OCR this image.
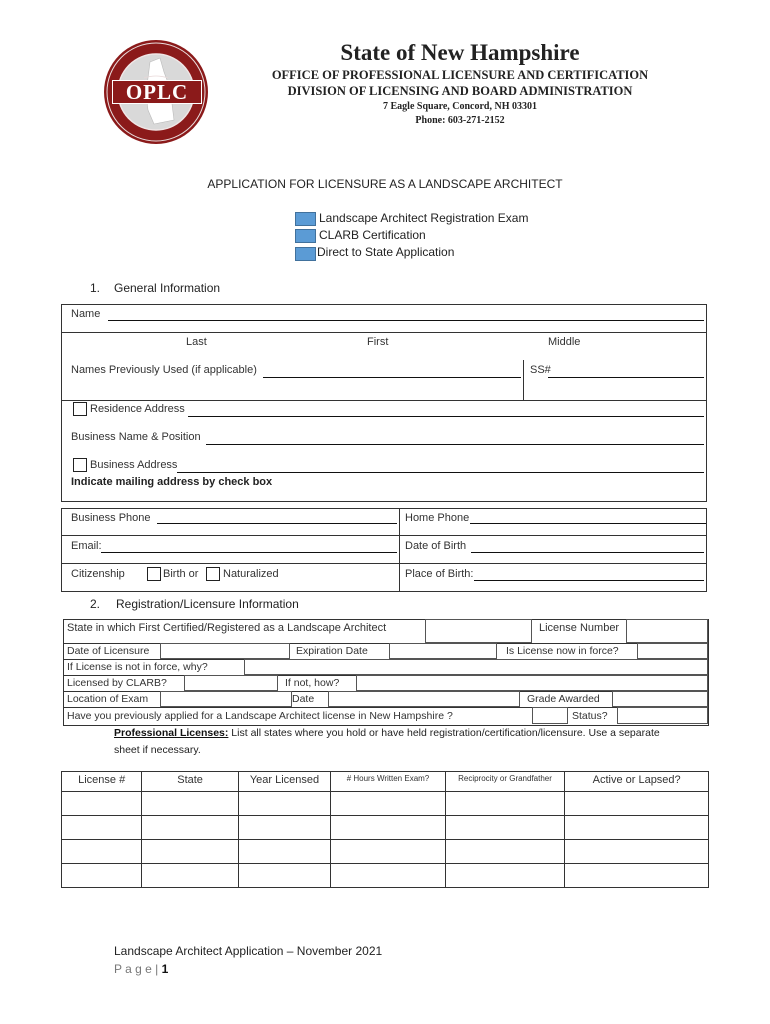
OPLC
State of New Hampshire
OFFICE OF PROFESSIONAL LICENSURE AND CERTIFICATION
DIVISION OF LICENSING AND BOARD ADMINISTRATION
7 Eagle Square, Concord, NH 03301
Phone: 603-271-2152
APPLICATION FOR LICENSURE AS A LANDSCAPE ARCHITECT
Landscape Architect Registration Exam
CLARB Certification
Direct to State Application
1. General Information
Name
Last	First	Middle
Names Previously Used (if applicable)	SS#
Residence Address
Business Name & Position
Business Address
Indicate mailing address by check box
Business Phone	Home Phone
Email:	Date of Birth
Citizenship	Birth or Naturalized	Place of Birth:
2. Registration/Licensure Information
State in which First Certified/Registered as a Landscape Architect	License Number
Date of Licensure	Expiration Date	Is License now in force?
If License is not in force, why?
Licensed by CLARB?	If not, how?
Location of Exam	Date	Grade Awarded
Have you previously applied for a Landscape Architect license in New Hampshire ?	Status?
Professional Licenses: List all states where you hold or have held registration/certification/licensure. Use a separate
sheet if necessary.
License #	State	Year Licensed	# Hours Written Exam?	Reciprocity or Grandfather	Active or Lapsed?

Landscape Architect Application – November 2021
P a g e | 1
